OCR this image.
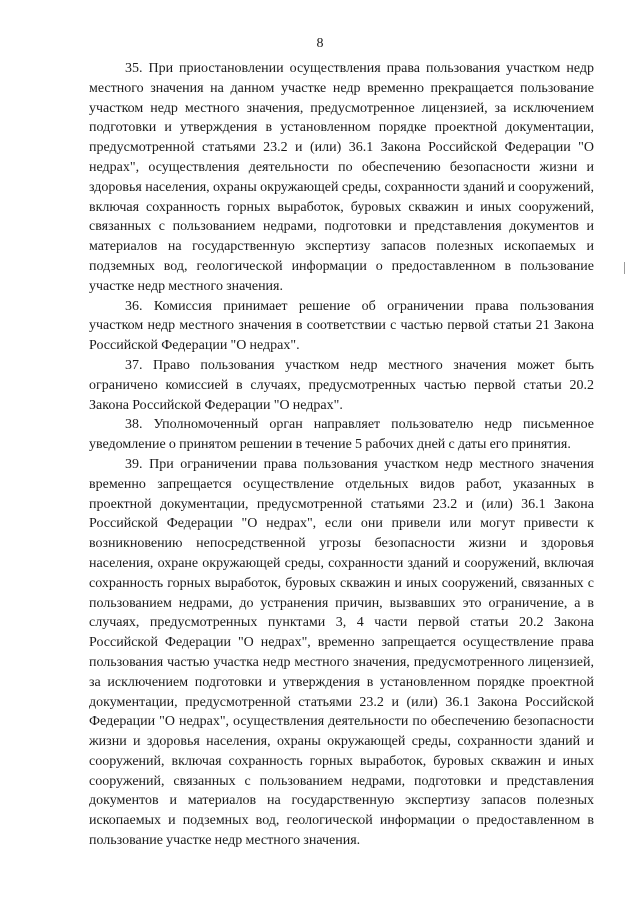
8

35. При приостановлении осуществления права пользования участком недр местного значения на данном участке недр временно прекращается пользование участком недр местного значения, предусмотренное лицензией, за исключением подготовки и утверждения в установленном порядке проектной документации, предусмотренной статьями 23.2 и (или) 36.1 Закона Российской Федерации "О недрах", осуществления деятельности по обеспечению безопасности жизни и здоровья населения, охраны окружающей среды, сохранности зданий и сооружений, включая сохранность горных выработок, буровых скважин и иных сооружений, связанных с пользованием недрами, подготовки и представления документов и материалов на государственную экспертизу запасов полезных ископаемых и подземных вод, геологической информации о предоставленном в пользование участке недр местного значения.

36. Комиссия принимает решение об ограничении права пользования участком недр местного значения в соответствии с частью первой статьи 21 Закона Российской Федерации "О недрах".

37. Право пользования участком недр местного значения может быть ограничено комиссией в случаях, предусмотренных частью первой статьи 20.2 Закона Российской Федерации "О недрах".

38. Уполномоченный орган направляет пользователю недр письменное уведомление о принятом решении в течение 5 рабочих дней с даты его принятия.

39. При ограничении права пользования участком недр местного значения временно запрещается осуществление отдельных видов работ, указанных в проектной документации, предусмотренной статьями 23.2 и (или) 36.1 Закона Российской Федерации "О недрах", если они привели или могут привести к возникновению непосредственной угрозы безопасности жизни и здоровья населения, охране окружающей среды, сохранности зданий и сооружений, включая сохранность горных выработок, буровых скважин и иных сооружений, связанных с пользованием недрами, до устранения причин, вызвавших это ограничение, а в случаях, предусмотренных пунктами 3, 4 части первой статьи 20.2 Закона Российской Федерации "О недрах", временно запрещается осуществление права пользования частью участка недр местного значения, предусмотренного лицензией, за исключением подготовки и утверждения в установленном порядке проектной документации, предусмотренной статьями 23.2 и (или) 36.1 Закона Российской Федерации "О недрах", осуществления деятельности по обеспечению безопасности жизни и здоровья населения, охраны окружающей среды, сохранности зданий и сооружений, включая сохранность горных выработок, буровых скважин и иных сооружений, связанных с пользованием недрами, подготовки и представления документов и материалов на государственную экспертизу запасов полезных ископаемых и подземных вод, геологической информации о предоставленном в пользование участке недр местного значения.
